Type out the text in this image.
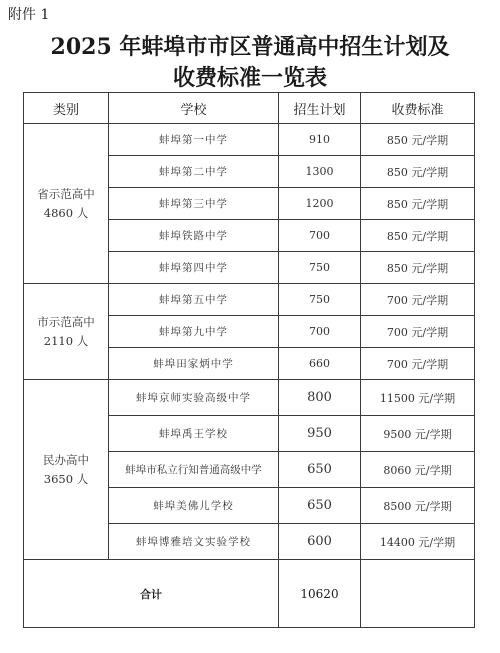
附件 1
2025 年蚌埠市市区普通高中招生计划及
收费标准一览表
类别	学校	招生计划	收费标准

省示范高中
4860 人	蚌埠第一中学	910	850 元/学期
	蚌埠第二中学	1300	850 元/学期
	蚌埠第三中学	1200	850 元/学期
	蚌埠铁路中学	700	850 元/学期
	蚌埠第四中学	750	850 元/学期

市示范高中
2110 人	蚌埠第五中学	750	700 元/学期
	蚌埠第九中学	700	700 元/学期
	蚌埠田家炳中学	660	700 元/学期

民办高中
3650 人	蚌埠京师实验高级中学	800	11500 元/学期
	蚌埠禹王学校	950	9500 元/学期
	蚌埠市私立行知普通高级中学	650	8060 元/学期
	蚌埠美佛儿学校	650	8500 元/学期
	蚌埠博雅培文实验学校	600	14400 元/学期
合计		10620	
